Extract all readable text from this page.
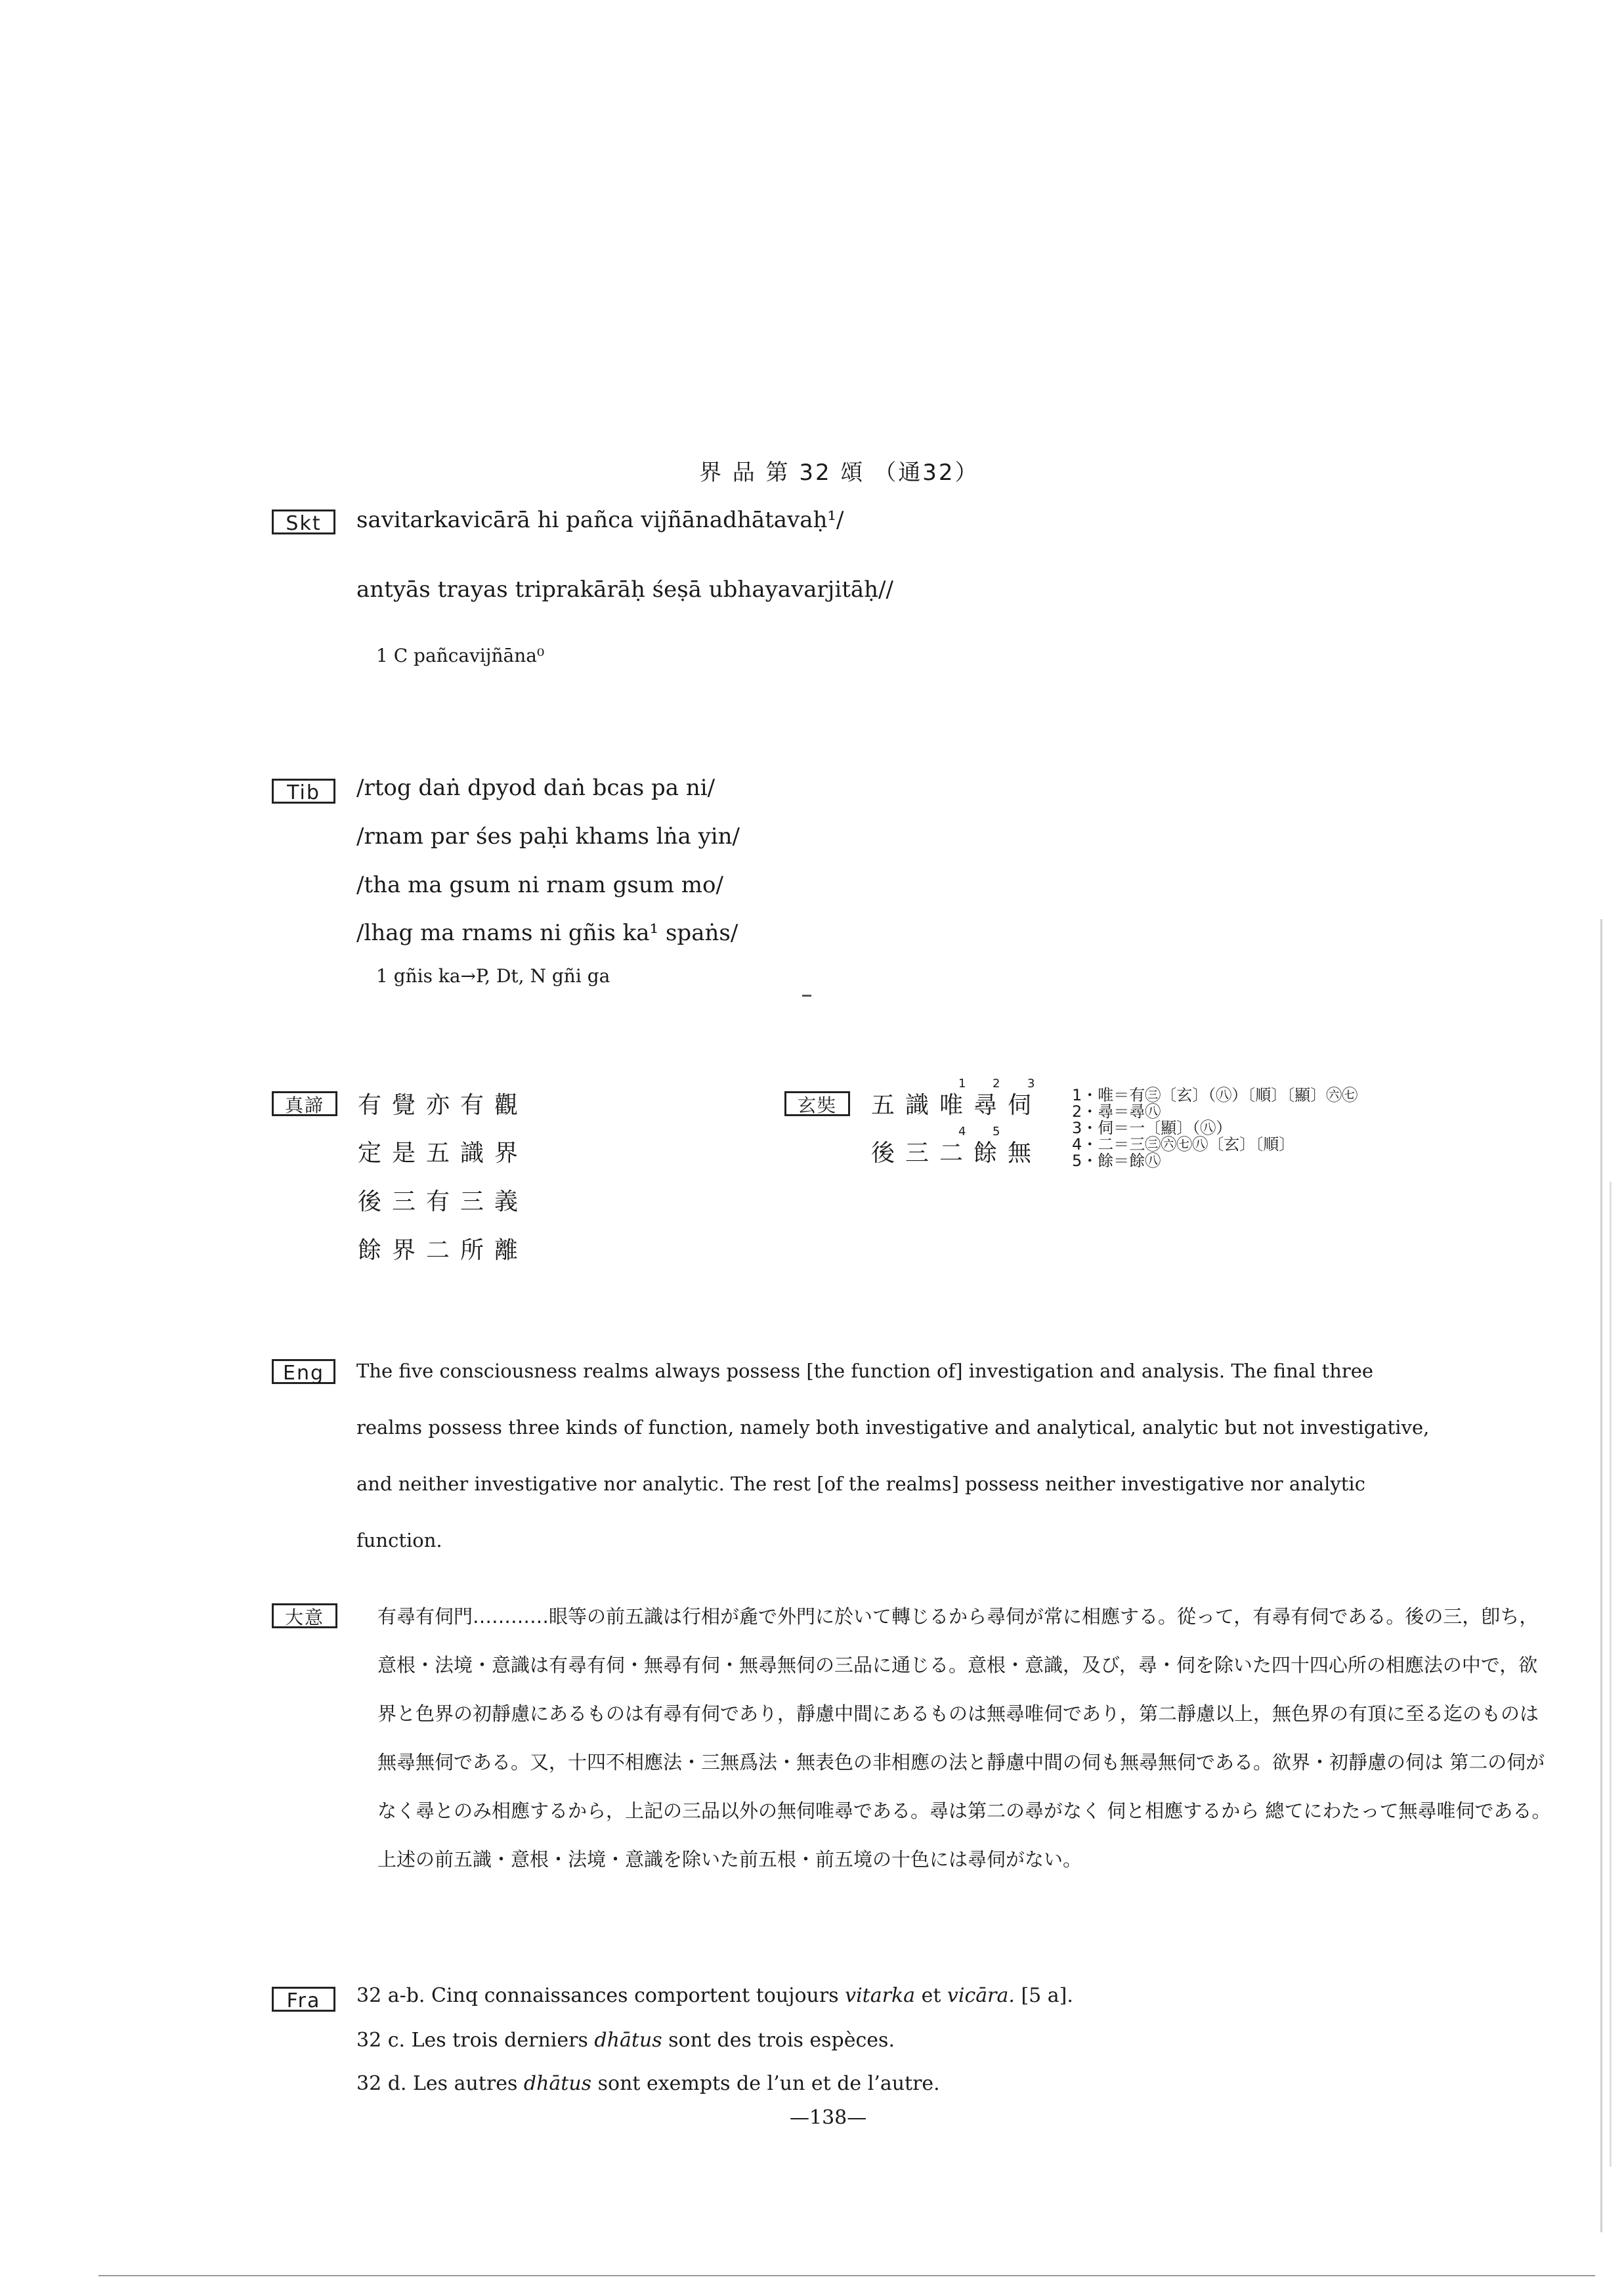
界 品 第 32 頌 （通32）
Skt	savitarkavicārā hi pañca vijñānadhātavaḥ¹/
antyās trayas triprakārāḥ śeṣā ubhayavarjitāḥ//
1 C pañcavijñāna⁰
Tib	/rtog daṅ dpyod daṅ bcas pa ni/
/rnam par śes paḥi khams lṅa yin/
/tha ma gsum ni rnam gsum mo/
/lhag ma rnams ni gñis ka¹ spaṅs/
1 gñis ka→P, Dt, N gñi ga
真諦	有覺亦有觀
定是五識界
後三有三義
餘界二所離
玄奘	五識唯尋伺
後三二餘無
1 2 3
4 5
1・唯＝有㊂〔玄〕（㊇）〔順〕〔顯〕㊅㊆
2・尋＝尋㊇
3・伺＝一〔顯〕（㊇）
4・二＝三㊂㊅㊆㊇〔玄〕〔順〕
5・餘＝餘㊇
Eng	The five consciousness realms always possess [the function of] investigation and analysis. The final three realms possess three kinds of function, namely both investigative and analytical, analytic but not investigative, and neither investigative nor analytic. The rest [of the realms] possess neither investigative nor analytic function.
大意	有尋有伺門…………眼等の前五識は行相が麁で外門に於いて轉じるから尋伺が常に相應する。從って，有尋有伺である。後の三，卽ち，意根・法境・意識は有尋有伺・無尋有伺・無尋無伺の三品に通じる。意根・意識，及び，尋・伺を除いた四十四心所の相應法の中で，欲界と色界の初靜慮にあるものは有尋有伺であり，靜慮中間にあるものは無尋唯伺であり，第二靜慮以上，無色界の有頂に至る迄のものは無尋無伺である。又，十四不相應法・三無爲法・無表色の非相應の法と靜慮中間の伺も無尋無伺である。欲界・初靜慮の伺は 第二の伺がなく尋とのみ相應するから，上記の三品以外の無伺唯尋である。尋は第二の尋がなく 伺と相應するから 總てにわたって無尋唯伺である。上述の前五識・意根・法境・意識を除いた前五根・前五境の十色には尋伺がない。
Fra	32 a-b. Cinq connaissances comportent toujours vitarka et vicāra. [5 a].
32 c. Les trois derniers dhātus sont des trois espèces.
32 d. Les autres dhātus sont exempts de l’un et de l’autre.
—138—
